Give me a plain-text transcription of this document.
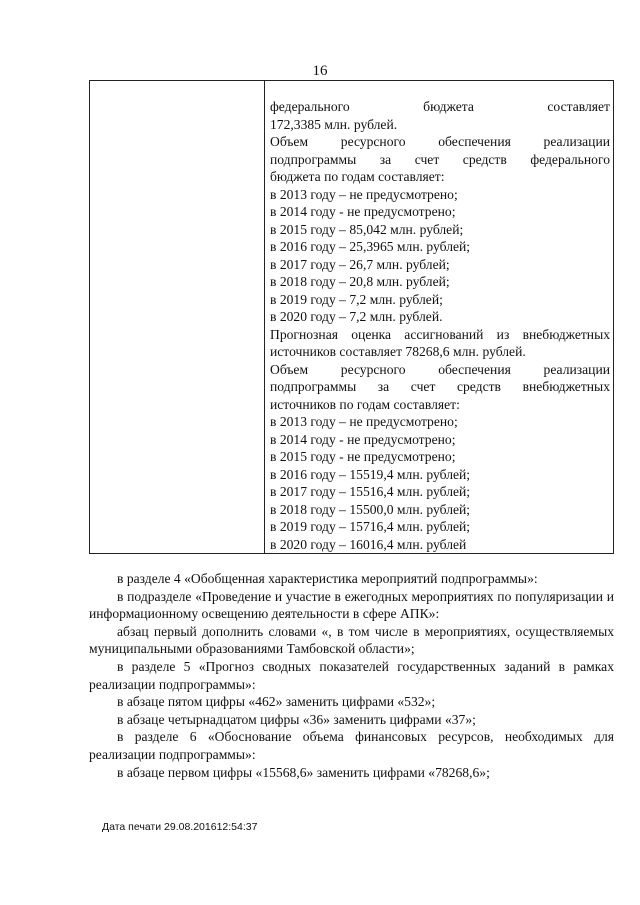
16
федерального бюджета составляет
172,3385 млн. рублей.
Объем ресурсного обеспечения реализации
подпрограммы за счет средств федерального
бюджета по годам составляет:
в 2013 году – не предусмотрено;
в 2014 году - не предусмотрено;
в 2015 году – 85,042 млн. рублей;
в 2016 году – 25,3965 млн. рублей;
в 2017 году – 26,7 млн. рублей;
в 2018 году – 20,8 млн. рублей;
в 2019 году – 7,2 млн. рублей;
в 2020 году – 7,2 млн. рублей.
Прогнозная оценка ассигнований из внебюджетных
источников составляет 78268,6 млн. рублей.
Объем ресурсного обеспечения реализации
подпрограммы за счет средств внебюджетных
источников по годам составляет:
в 2013 году – не предусмотрено;
в 2014 году - не предусмотрено;
в 2015 году - не предусмотрено;
в 2016 году – 15519,4 млн. рублей;
в 2017 году – 15516,4 млн. рублей;
в 2018 году – 15500,0 млн. рублей;
в 2019 году – 15716,4 млн. рублей;
в 2020 году – 16016,4 млн. рублей

в разделе 4 «Обобщенная характеристика мероприятий подпрограммы»:

в подразделе «Проведение и участие в ежегодных мероприятиях по популяризации и информационному освещению деятельности в сфере АПК»:

абзац первый дополнить словами «, в том числе в мероприятиях, осуществляемых муниципальными образованиями Тамбовской области»;

в разделе 5 «Прогноз сводных показателей государственных заданий в рамках реализации подпрограммы»:

в абзаце пятом цифры «462» заменить цифрами «532»;

в абзаце четырнадцатом цифры «36» заменить цифрами «37»;

в разделе 6 «Обоснование объема финансовых ресурсов, необходимых для реализации подпрограммы»:

в абзаце первом цифры «15568,6» заменить цифрами «78268,6»;

Дата печати 29.08.201612:54:37
